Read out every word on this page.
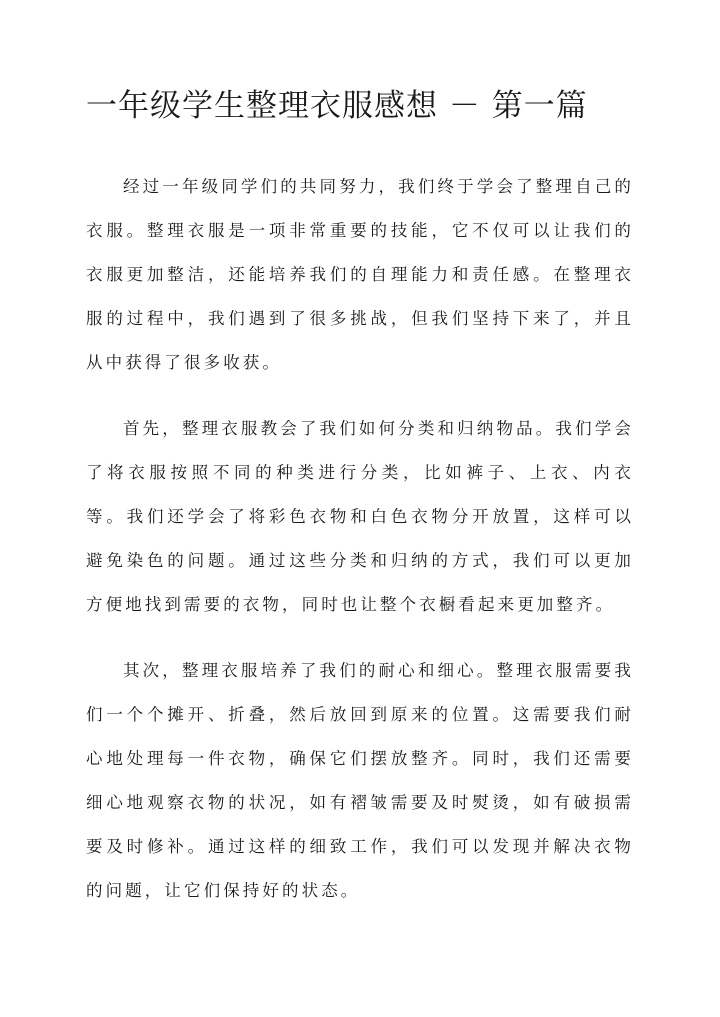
一年级学生整理衣服感想 － 第一篇

经过一年级同学们的共同努力，我们终于学会了整理自己的衣服。整理衣服是一项非常重要的技能，它不仅可以让我们的衣服更加整洁，还能培养我们的自理能力和责任感。在整理衣服的过程中，我们遇到了很多挑战，但我们坚持下来了，并且从中获得了很多收获。

首先，整理衣服教会了我们如何分类和归纳物品。我们学会了将衣服按照不同的种类进行分类，比如裤子、上衣、内衣等。我们还学会了将彩色衣物和白色衣物分开放置，这样可以避免染色的问题。通过这些分类和归纳的方式，我们可以更加方便地找到需要的衣物，同时也让整个衣橱看起来更加整齐。

其次，整理衣服培养了我们的耐心和细心。整理衣服需要我们一个个摊开、折叠，然后放回到原来的位置。这需要我们耐心地处理每一件衣物，确保它们摆放整齐。同时，我们还需要细心地观察衣物的状况，如有褶皱需要及时熨烫，如有破损需要及时修补。通过这样的细致工作，我们可以发现并解决衣物的问题，让它们保持好的状态。
